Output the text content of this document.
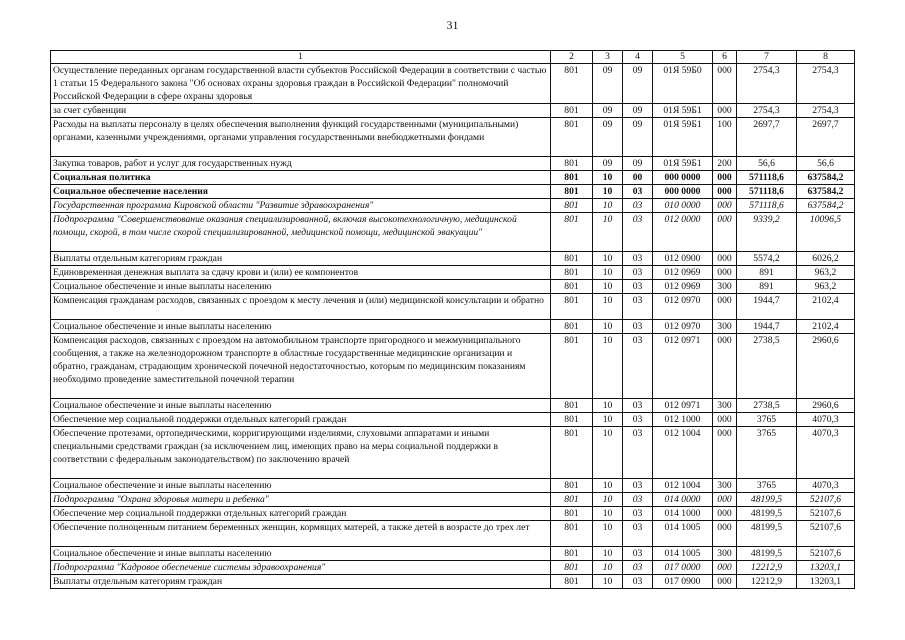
31
1	2	3	4	5	6	7	8
Осуществление переданных органам государственной власти субъектов Российской Федерации в соответствии с частью 1 статьи 15 Федерального закона "Об основах охраны здоровья граждан в Российской Федерации" полномочий Российской Федерации в сфере охраны здоровья	801	09	09	01Я 59Б0	000	2754,3	2754,3
за счет субвенции	801	09	09	01Я 59Б1	000	2754,3	2754,3
Расходы на выплаты персоналу в целях обеспечения выполнения функций государственными (муниципальными) органами, казенными учреждениями, органами управления государственными внебюджетными фондами	801	09	09	01Я 59Б1	100	2697,7	2697,7
Закупка товаров, работ и услуг для государственных нужд	801	09	09	01Я 59Б1	200	56,6	56,6
Социальная политика	801	10	00	000 0000	000	571118,6	637584,2
Социальное обеспечение населения	801	10	03	000 0000	000	571118,6	637584,2
Государственная программа Кировской области "Развитие здравоохранения"	801	10	03	010 0000	000	571118,6	637584,2
Подпрограмма "Совершенствование оказания специализированной, включая высокотехнологичную, медицинской помощи, скорой, в том числе скорой специализированной, медицинской помощи, медицинской эвакуации"	801	10	03	012 0000	000	9339,2	10096,5
Выплаты отдельным категориям граждан	801	10	03	012 0900	000	5574,2	6026,2
Единовременная денежная выплата за сдачу крови и (или) ее компонентов	801	10	03	012 0969	000	891	963,2
Социальное обеспечение и иные выплаты населению	801	10	03	012 0969	300	891	963,2
Компенсация гражданам расходов, связанных с проездом к месту лечения и (или) медицинской консультации и обратно	801	10	03	012 0970	000	1944,7	2102,4
Социальное обеспечение и иные выплаты населению	801	10	03	012 0970	300	1944,7	2102,4
Компенсация расходов, связанных с проездом на автомобильном транспорте пригородного и межмуниципального сообщения, а также на железнодорожном транспорте в областные государственные медицинские организации и обратно, гражданам, страдающим хронической почечной недостаточностью, которым по медицинским показаниям необходимо проведение заместительной почечной терапии	801	10	03	012 0971	000	2738,5	2960,6
Социальное обеспечение и иные выплаты населению	801	10	03	012 0971	300	2738,5	2960,6
Обеспечение мер социальной поддержки отдельных категорий граждан	801	10	03	012 1000	000	3765	4070,3
Обеспечение протезами, ортопедическими, корригирующими изделиями, слуховыми аппаратами и иными специальными средствами граждан (за исключением лиц, имеющих право на меры социальной поддержки в соответствии с федеральным законодательством) по заключению врачей	801	10	03	012 1004	000	3765	4070,3
Социальное обеспечение и иные выплаты населению	801	10	03	012 1004	300	3765	4070,3
Подпрограмма "Охрана здоровья матери и ребенка"	801	10	03	014 0000	000	48199,5	52107,6
Обеспечение мер социальной поддержки отдельных категорий граждан	801	10	03	014 1000	000	48199,5	52107,6
Обеспечение полноценным питанием беременных женщин, кормящих матерей, а также детей в возрасте до трех лет	801	10	03	014 1005	000	48199,5	52107,6
Социальное обеспечение и иные выплаты населению	801	10	03	014 1005	300	48199,5	52107,6
Подпрограмма "Кадровое обеспечение системы здравоохранения"	801	10	03	017 0000	000	12212,9	13203,1
Выплаты отдельным категориям граждан	801	10	03	017 0900	000	12212,9	13203,1
